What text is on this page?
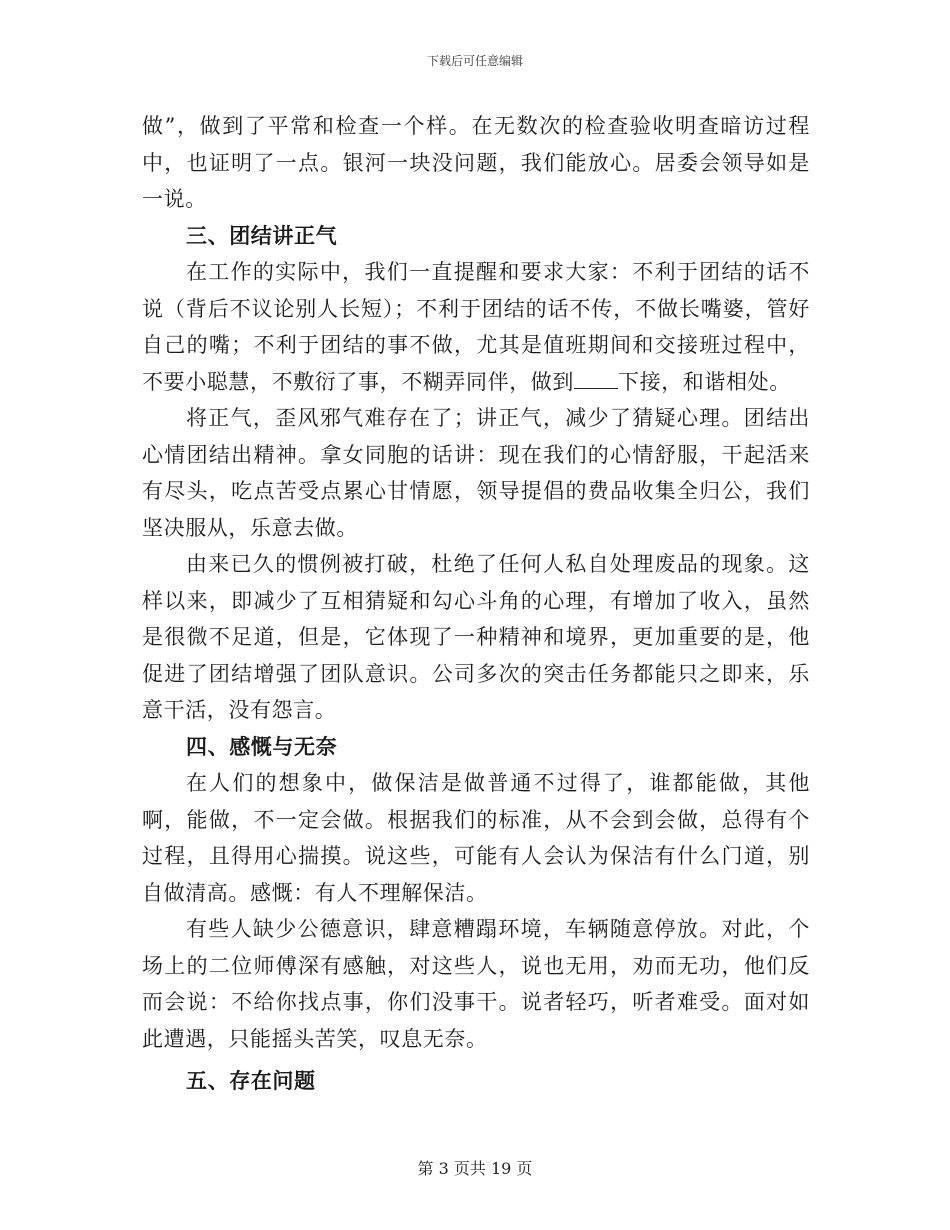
下载后可任意编辑

做”，做到了平常和检查一个样。在无数次的检查验收明查暗访过程中，也证明了一点。银河一块没问题，我们能放心。居委会领导如是一说。

三、团结讲正气

在工作的实际中，我们一直提醒和要求大家：不利于团结的话不说（背后不议论别人长短）；不利于团结的话不传，不做长嘴婆，管好自己的嘴；不利于团结的事不做，尤其是值班期间和交接班过程中，不要小聪慧，不敷衍了事，不糊弄同伴，做到 下接，和谐相处。

将正气，歪风邪气难存在了；讲正气，减少了猜疑心理。团结出心情团结出精神。拿女同胞的话讲：现在我们的心情舒服，干起活来有尽头，吃点苦受点累心甘情愿，领导提倡的费品收集全归公，我们坚决服从，乐意去做。

由来已久的惯例被打破，杜绝了任何人私自处理废品的现象。这样以来，即减少了互相猜疑和勾心斗角的心理，有增加了收入，虽然是很微不足道，但是，它体现了一种精神和境界，更加重要的是，他促进了团结增强了团队意识。公司多次的突击任务都能只之即来，乐意干活，没有怨言。

四、感慨与无奈

在人们的想象中，做保洁是做普通不过得了，谁都能做，其他啊，能做，不一定会做。根据我们的标准，从不会到会做，总得有个过程，且得用心揣摸。说这些，可能有人会认为保洁有什么门道，别自做清高。感慨：有人不理解保洁。

有些人缺少公德意识，肆意糟蹋环境，车辆随意停放。对此，个场上的二位师傅深有感触，对这些人，说也无用，劝而无功，他们反而会说：不给你找点事，你们没事干。说者轻巧，听者难受。面对如此遭遇，只能摇头苦笑，叹息无奈。

五、存在问题
第 3 页共 19 页
